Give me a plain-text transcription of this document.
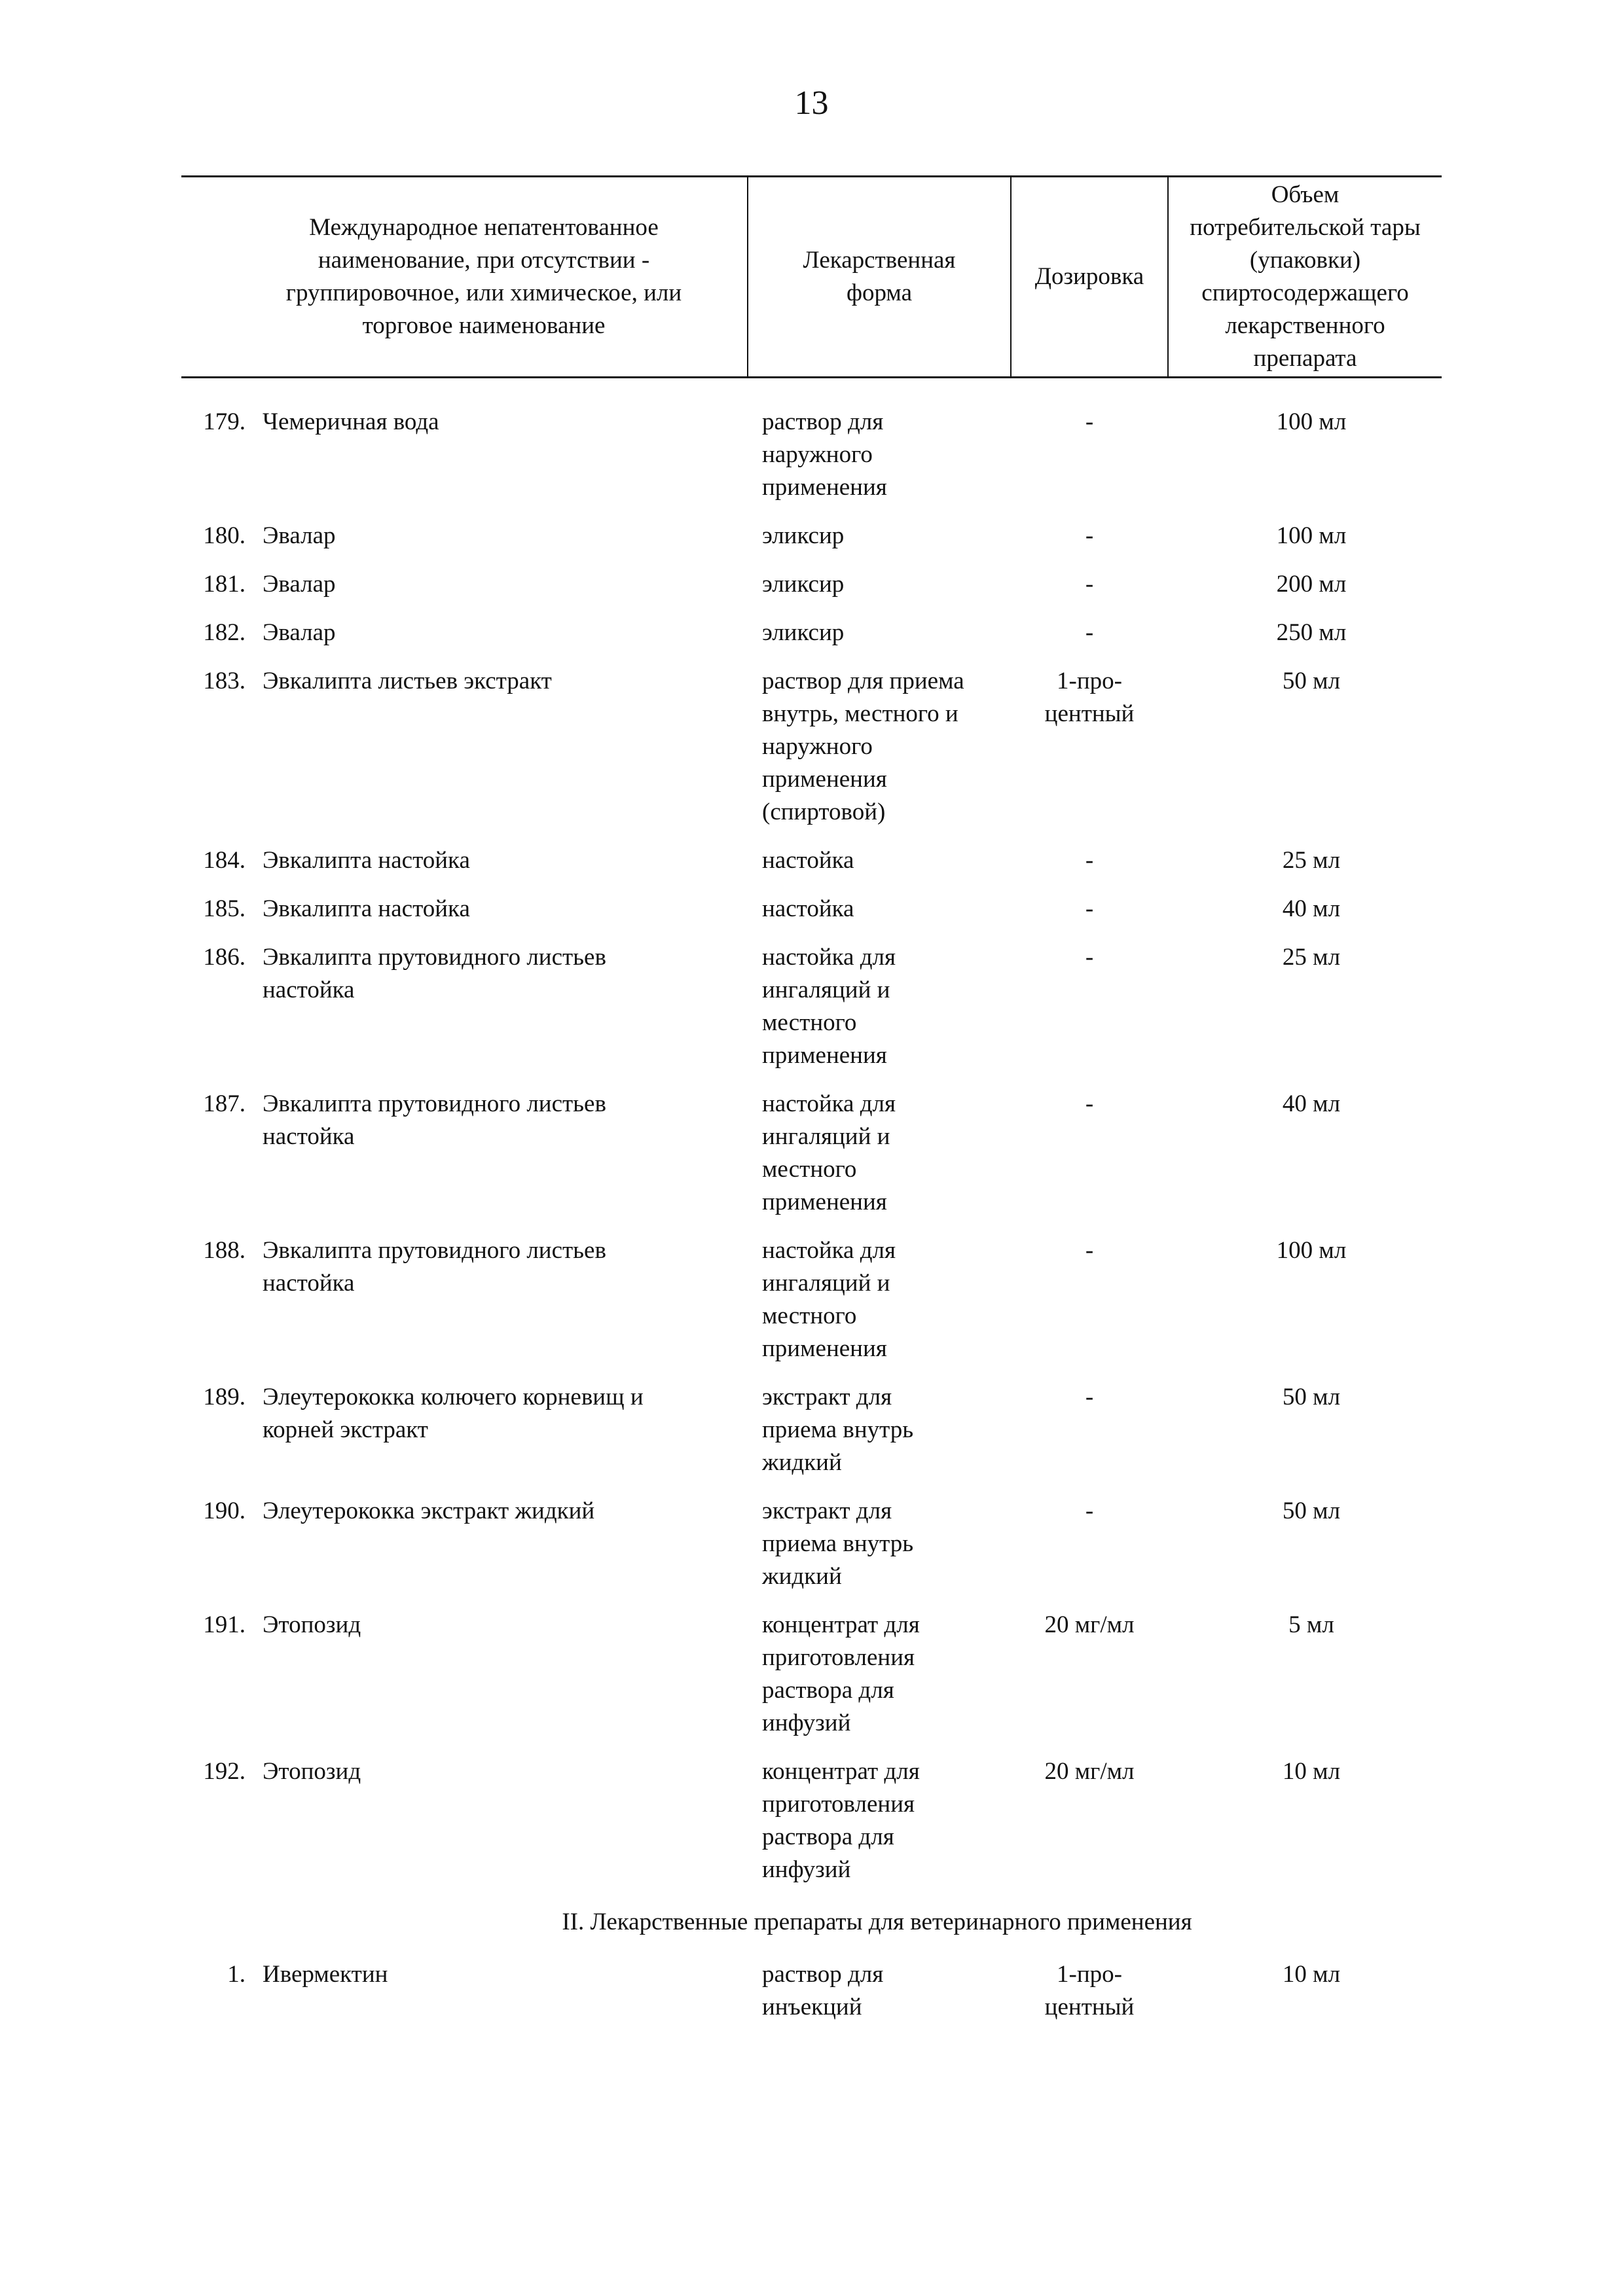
13
Международное непатентованное наименование, при отсутствии - группировочное, или химическое, или торговое наименование		Лекарственная форма	Дозировка	Объем потребительской тары (упаковки) спиртосодержащего лекарственного препарата

179.	Чемеричная вода	раствор для
наружного
применения	-	100 мл
180.	Эвалар	эликсир	-	100 мл
181.	Эвалар	эликсир	-	200 мл
182.	Эвалар	эликсир	-	250 мл
183.	Эвкалипта листьев экстракт	раствор для приема
внутрь, местного и
наружного
применения
(спиртовой)	1-про-
центный	50 мл
184.	Эвкалипта настойка	настойка	-	25 мл
185.	Эвкалипта настойка	настойка	-	40 мл
186.	Эвкалипта прутовидного листьев
настойка	настойка для
ингаляций и
местного
применения	-	25 мл
187.	Эвкалипта прутовидного листьев
настойка	настойка для
ингаляций и
местного
применения	-	40 мл
188.	Эвкалипта прутовидного листьев
настойка	настойка для
ингаляций и
местного
применения	-	100 мл
189.	Элеутерококка колючего корневищ и
корней экстракт	экстракт для
приема внутрь
жидкий	-	50 мл
190.	Элеутерококка экстракт жидкий	экстракт для
приема внутрь
жидкий	-	50 мл
191.	Этопозид	концентрат для
приготовления
раствора для
инфузий	20 мг/мл	5 мл
192.	Этопозид	концентрат для
приготовления
раствора для
инфузий	20 мг/мл	10 мл
II. Лекарственные препараты для ветеринарного применения				
1.	Ивермектин	раствор для
инъекций	1-про-
центный	10 мл
